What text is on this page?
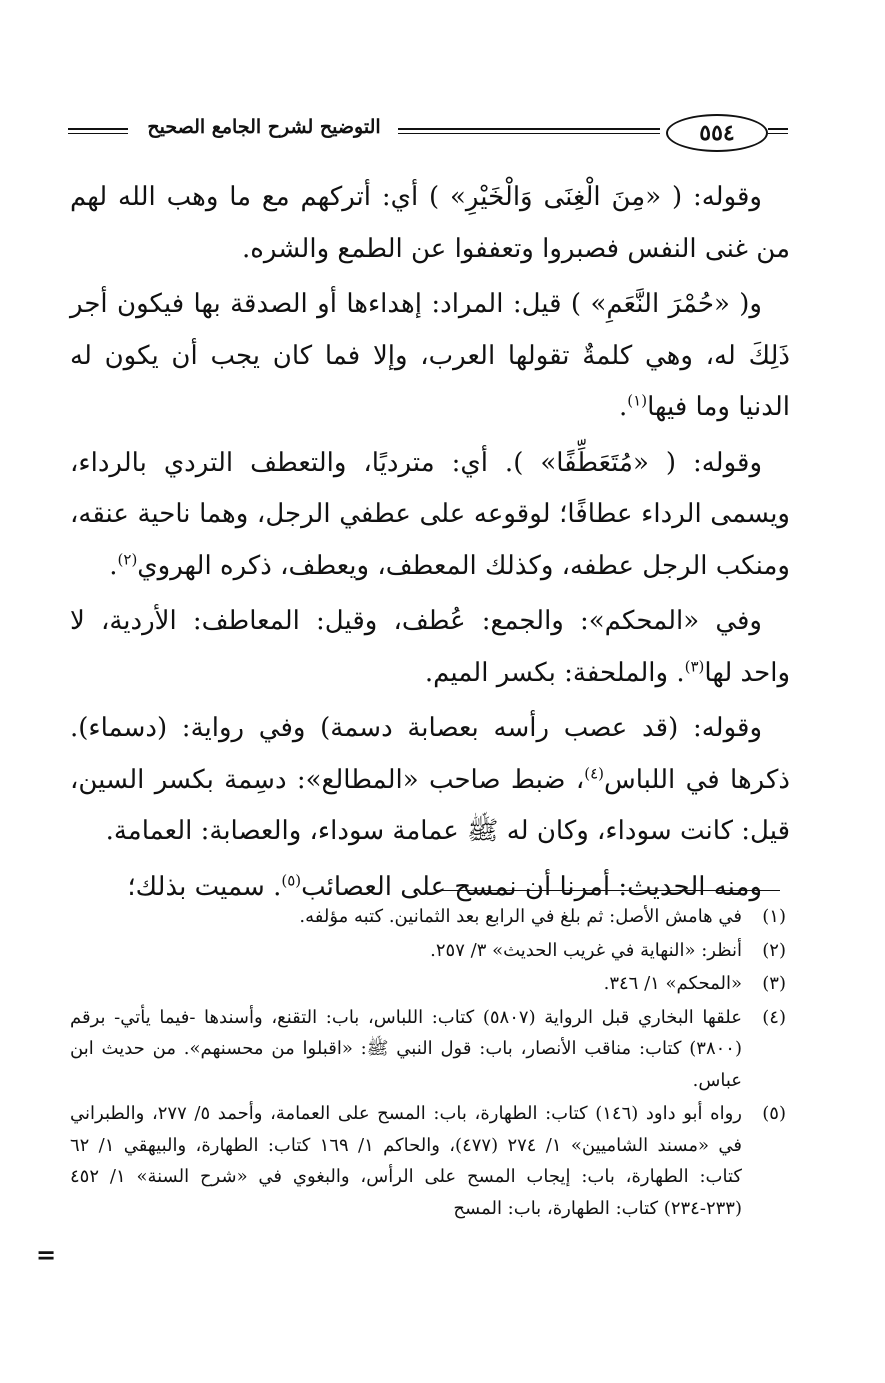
التوضيح لشرح الجامع الصحيح	٥٥٤

وقوله: ( «مِنَ الْغِنَى وَالْخَيْرِ» ) أي: أتركهم مع ما وهب الله لهم من غنى النفس فصبروا وتعففوا عن الطمع والشره.

و( «حُمْرَ النَّعَمِ» ) قيل: المراد: إهداءها أو الصدقة بها فيكون أجر ذَلِكَ له، وهي كلمةٌ تقولها العرب، وإلا فما كان يجب أن يكون له الدنيا وما فيها$^{(١)}$.

وقوله: ( «مُتَعَطِّفًا» ). أي: مترديًا، والتعطف التردي بالرداء، ويسمى الرداء عطافًا؛ لوقوعه على عطفي الرجل، وهما ناحية عنقه، ومنكب الرجل عطفه، وكذلك المعطف، ويعطف، ذكره الهروي$^{(٢)}$.

وفي «المحكم»: والجمع: عُطف، وقيل: المعاطف: الأردية، لا واحد لها$^{(٣)}$. والملحفة: بكسر الميم.

وقوله: (قد عصب رأسه بعصابة دسمة) وفي رواية: (دسماء). ذكرها في اللباس$^{(٤)}$، ضبط صاحب «المطالع»: دسِمة بكسر السين، قيل: كانت سوداء، وكان له ﷺ عمامة سوداء، والعصابة: العمامة.

ومنه الحديث: أمرنا أن نمسح على العصائب$^{(٥)}$. سميت بذلك؛

(١)
في هامش الأصل: ثم بلغ في الرابع بعد الثمانين. كتبه مؤلفه.
(٢)
أنظر: «النهاية في غريب الحديث» ٣/ ٢٥٧.
(٣)
«المحكم» ١/ ٣٤٦.
(٤)
علقها البخاري قبل الرواية (٥٨٠٧) كتاب: اللباس، باب: التقنع، وأسندها -فيما يأتي- برقم (٣٨٠٠) كتاب: مناقب الأنصار، باب: قول النبي ﷺ: «اقبلوا من محسنهم». من حديث ابن عباس.
(٥)
رواه أبو داود (١٤٦) كتاب: الطهارة، باب: المسح على العمامة، وأحمد ٥/ ٢٧٧، والطبراني في «مسند الشاميين» ١/ ٢٧٤ (٤٧٧)، والحاكم ١/ ١٦٩ كتاب: الطهارة، والبيهقي ١/ ٦٢ كتاب: الطهارة، باب: إيجاب المسح على الرأس، والبغوي في «شرح السنة» ١/ ٤٥٢ (٢٣٣-٢٣٤) كتاب: الطهارة، باب: المسح
=
